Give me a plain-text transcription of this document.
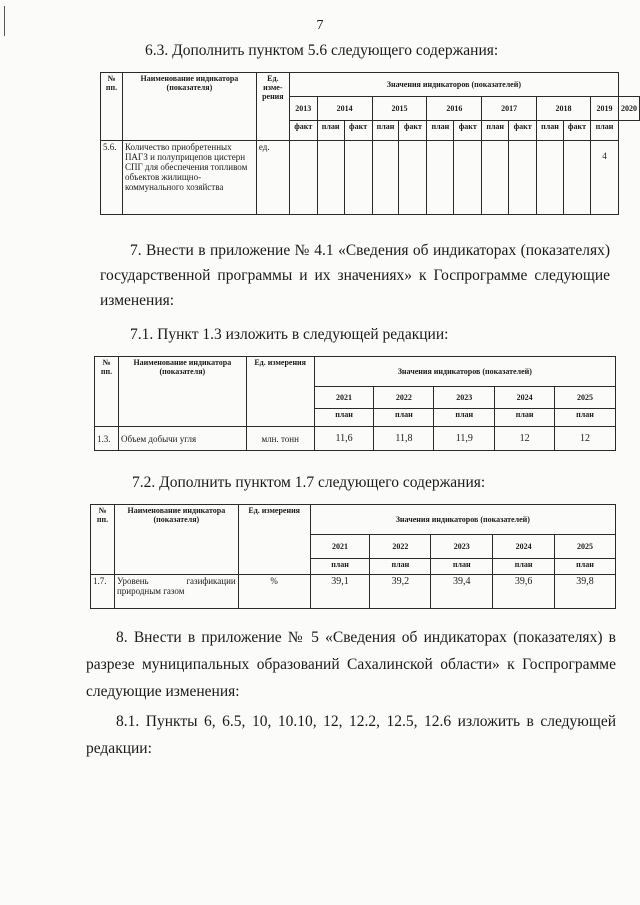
7
6.3. Дополнить пунктом 5.6 следующего содержания:
№ пп.	Наименование индикатора (показателя)	Ед. изме-рения	Значения индикаторов (показателей)												
			2013	2014		2015		2016		2017		2018		2019	2020
			факт	план	факт	план	факт	план	факт	план	факт	план	факт	план	
5.6.	Количество приобретенных ПАГЗ и полуприцепов цистерн СПГ для обеспечения топливом объектов жилищно-коммунального хозяйства	ед.												4	
7. Внести в приложение № 4.1 «Сведения об индикаторах (показателях) государственной программы и их значениях» к Госпрограмме следующие изменения:
7.1. Пункт 1.3 изложить в следующей редакции:
№ пп.	Наименование индикатора (показателя)	Ед. измерения	Значения индикаторов (показателей)				
			2021	2022	2023	2024	2025
			план	план	план	план	план
1.3.	Объем добычи угля	млн. тонн	11,6	11,8	11,9	12	12
7.2. Дополнить пунктом 1.7 следующего содержания:
№ пп.	Наименование индикатора (показателя)	Ед. измерения	Значения индикаторов (показателей)				
			2021	2022	2023	2024	2025
			план	план	план	план	план
1.7.	Уровень газификации природным газом	%	39,1	39,2	39,4	39,6	39,8
8. Внести в приложение № 5 «Сведения об индикаторах (показателях) в разрезе муниципальных образований Сахалинской области» к Госпрограмме следующие изменения:
8.1. Пункты 6, 6.5, 10, 10.10, 12, 12.2, 12.5, 12.6 изложить в следующей редакции:
